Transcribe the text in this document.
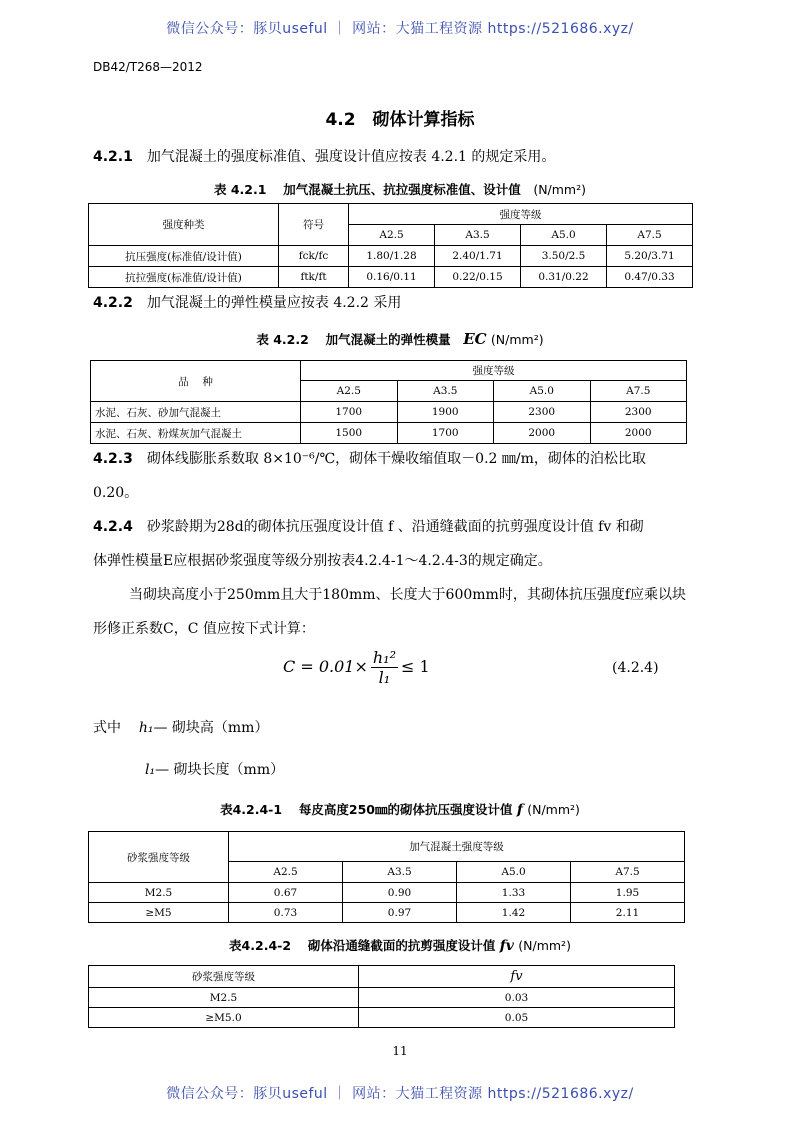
微信公众号：豚贝useful ｜ 网站：大猫工程资源 https://521686.xyz/
DB42/T268—2012
4.2　砌体计算指标
4.2.1 加气混凝土的强度标准值、强度设计值应按表 4.2.1 的规定采用。
表 4.2.1　 加气混凝土抗压、抗拉强度标准值、设计值　 (N/mm²)
强度种类	符号	强度等级			
		A2.5	A3.5	A5.0	A7.5
抗压强度(标准值/设计值)	fck/fc	1.80/1.28	2.40/1.71	3.50/2.5	5.20/3.71
抗拉强度(标准值/设计值)	ftk/ft	0.16/0.11	0.22/0.15	0.31/0.22	0.47/0.33
4.2.2 加气混凝土的弹性模量应按表 4.2.2 采用
表 4.2.2　 加气混凝土的弹性模量　 EC (N/mm²)
品　 种	强度等级			
	A2.5	A3.5	A5.0	A7.5
水泥、石灰、砂加气混凝土	1700	1900	2300	2300
水泥、石灰、粉煤灰加气混凝土	1500	1700	2000	2000
4.2.3 砌体线膨胀系数取 8×10⁻⁶/℃，砌体干燥收缩值取－0.2 ㎜/m，砌体的泊松比取
0.20。
4.2.4 砂浆龄期为28d的砌体抗压强度设计值 f 、沿通缝截面的抗剪强度设计值 fv 和砌
体弹性模量E应根据砂浆强度等级分别按表4.2.4-1～4.2.4-3的规定确定。
当砌块高度小于250mm且大于180mm、长度大于600mm时，其砌体抗压强度f应乘以块
形修正系数C，C 值应按下式计算：
$C = 0.01\times \frac{\text{h₁²}}{\text{l₁}} \le 1$	(4.2.4)
式中 h₁— 砌块高（mm）
l₁— 砌块长度（mm）
表4.2.4-1　 每皮高度250㎜的砌体抗压强度设计值 f (N/mm²)
砂浆强度等级	加气混凝土强度等级			
	A2.5	A3.5	A5.0	A7.5
M2.5	0.67	0.90	1.33	1.95
≥M5	0.73	0.97	1.42	2.11
表4.2.4-2　 砌体沿通缝截面的抗剪强度设计值 fv (N/mm²)
砂浆强度等级	fv
M2.5	0.03
≥M5.0	0.05
11
微信公众号：豚贝useful ｜ 网站：大猫工程资源 https://521686.xyz/
